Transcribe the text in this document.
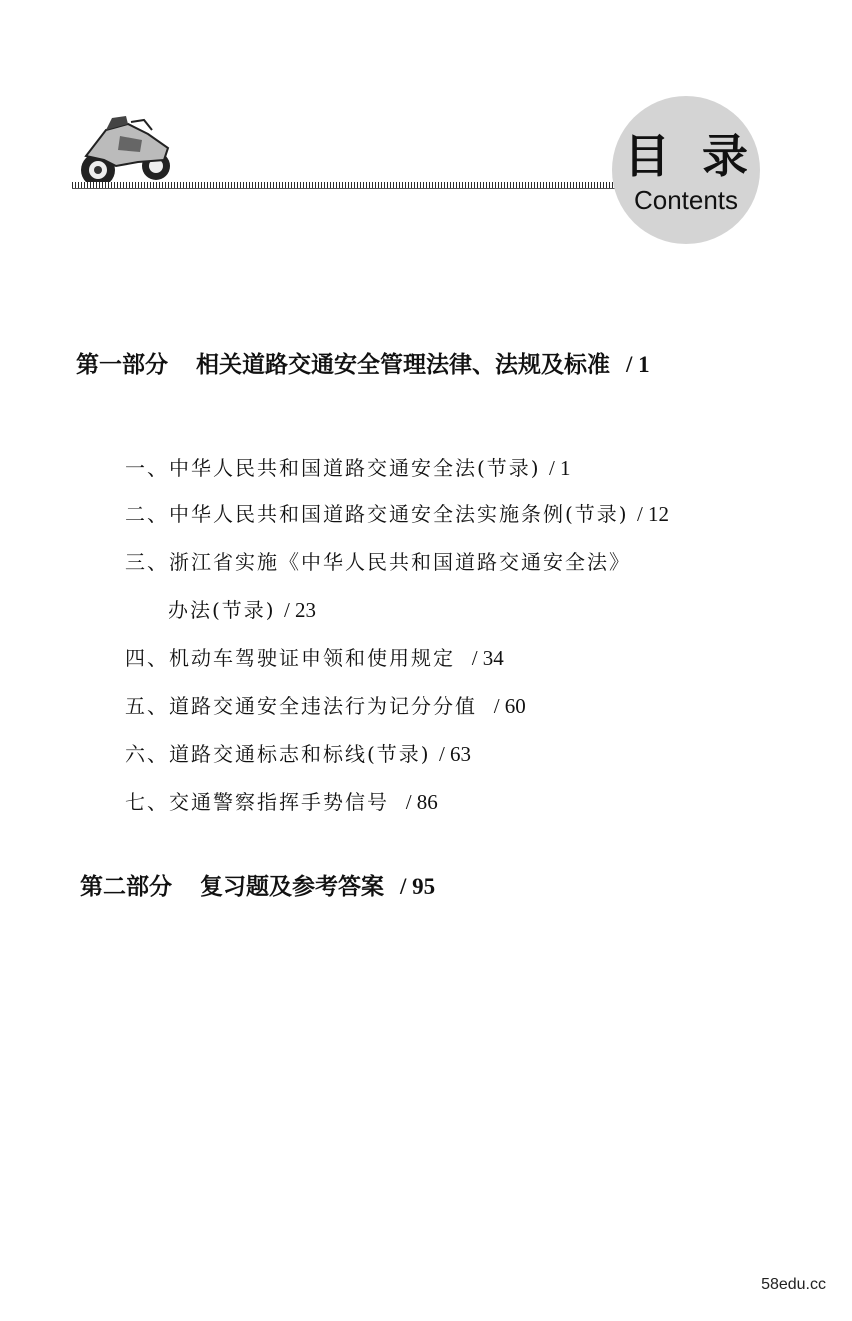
目 录
Contents
第一部分 相关道路交通安全管理法律、法规及标准 / 1
一、中华人民共和国道路交通安全法(节录) / 1
二、中华人民共和国道路交通安全法实施条例(节录) / 12
三、浙江省实施《中华人民共和国道路交通安全法》
办法(节录) / 23
四、机动车驾驶证申领和使用规定 / 34
五、道路交通安全违法行为记分分值 / 60
六、道路交通标志和标线(节录) / 63
七、交通警察指挥手势信号 / 86
第二部分 复习题及参考答案 / 95
58edu.cc
